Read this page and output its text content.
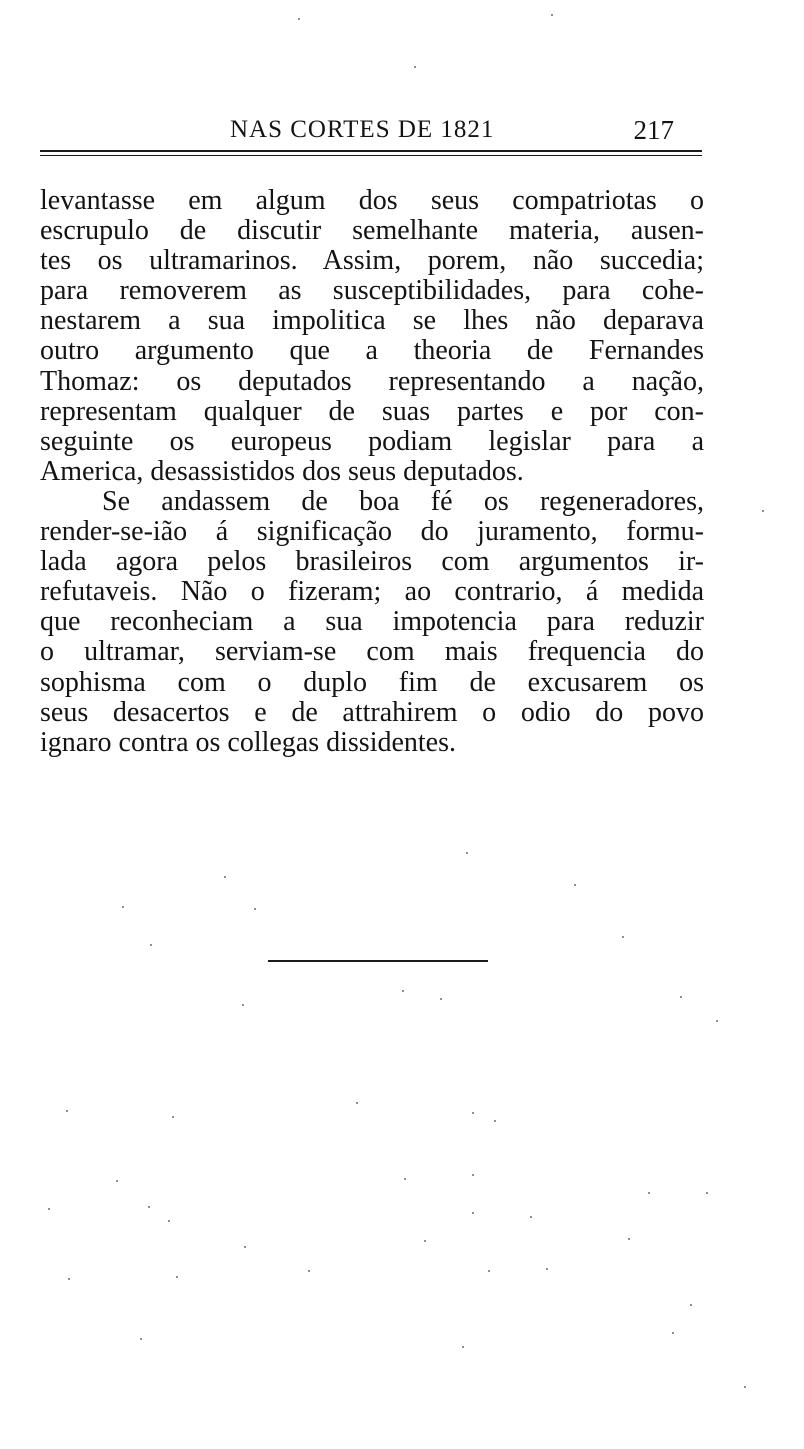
NAS CORTES DE 1821	217
levantasse em algum dos seus compatriotas o
escrupulo de discutir semelhante materia, ausen-
tes os ultramarinos. Assim, porem, não succedia;
para removerem as susceptibilidades, para cohe-
nestarem a sua impolitica se lhes não deparava
outro argumento que a theoria de Fernandes
Thomaz: os deputados representando a nação,
representam qualquer de suas partes e por con-
seguinte os europeus podiam legislar para a
America, desassistidos dos seus deputados.
Se andassem de boa fé os regeneradores,
render-se-ião á significação do juramento, formu-
lada agora pelos brasileiros com argumentos ir-
refutaveis. Não o fizeram; ao contrario, á medida
que reconheciam a sua impotencia para reduzir
o ultramar, serviam-se com mais frequencia do
sophisma com o duplo fim de excusarem os
seus desacertos e de attrahirem o odio do povo
ignaro contra os collegas dissidentes.
